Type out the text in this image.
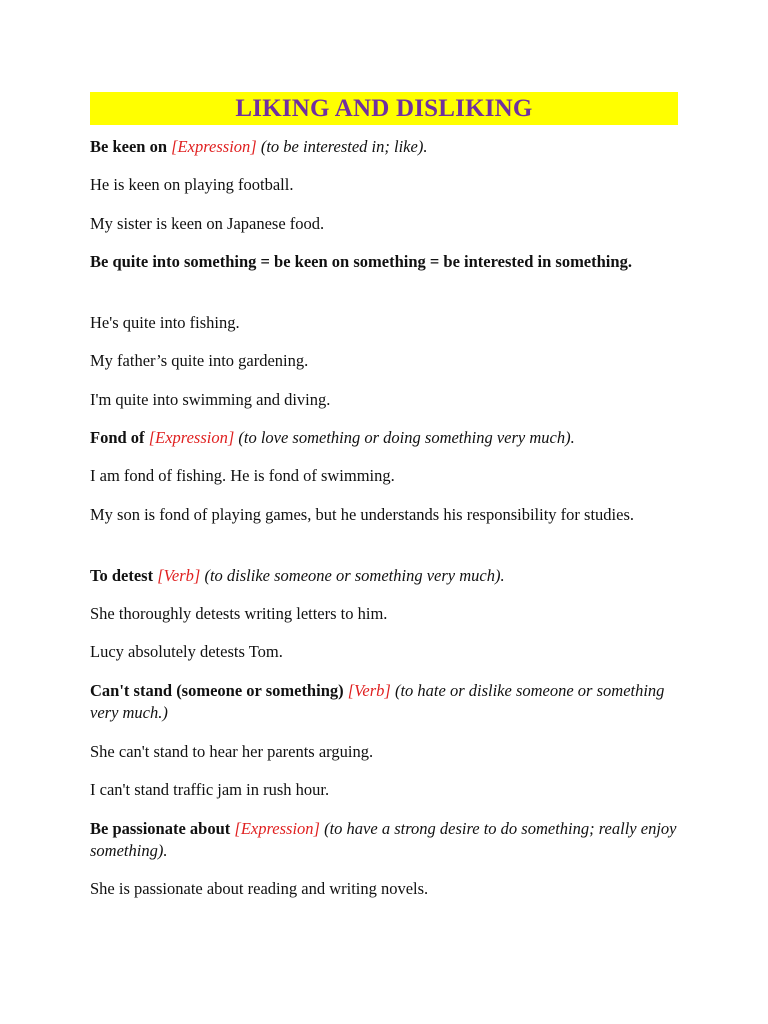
LIKING AND DISLIKING

Be keen on [Expression] (to be interested in; like).

He is keen on playing football.

My sister is keen on Japanese food.

Be quite into something = be keen on something = be interested in something.

He's quite into fishing.

My father’s quite into gardening.

I'm quite into swimming and diving.

Fond of [Expression] (to love something or doing something very much).

I am fond of fishing. He is fond of swimming.

My son is fond of playing games, but he understands his responsibility for studies.

To detest [Verb] (to dislike someone or something very much).

She thoroughly detests writing letters to him.

Lucy absolutely detests Tom.

Can't stand (someone or something) [Verb] (to hate or dislike someone or something very much.)

She can't stand to hear her parents arguing.

I can't stand traffic jam in rush hour.

Be passionate about [Expression] (to have a strong desire to do something; really enjoy something).

She is passionate about reading and writing novels.
